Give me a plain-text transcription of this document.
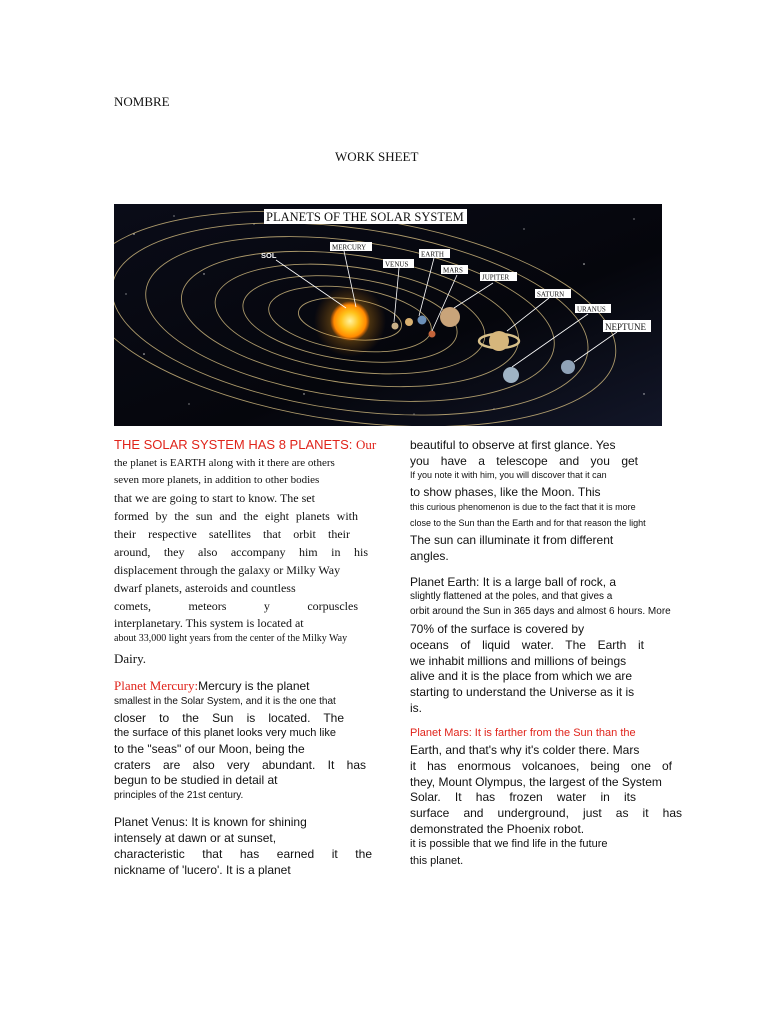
NOMBRE
WORK SHEET
PLANETS OF THE SOLAR SYSTEM
SOL
MERCURY
VENUS
EARTH
MARS
JUPITER
SATURN
URANUS
NEPTUNE
THE SOLAR SYSTEM HAS 8 PLANETS: Our
the planet is EARTH along with it there are others
seven more planets, in addition to other bodies
that we are going to start to know. The set
formed by the sun and the eight planets with
their respective satellites that orbit their
around, they also accompany him in his
displacement through the galaxy or Milky Way
dwarf planets, asteroids and countless
comets, meteors y corpuscles
interplanetary. This system is located at
about 33,000 light years from the center of the Milky Way
Dairy.
Planet Mercury:Mercury is the planet
smallest in the Solar System, and it is the one that
closer to the Sun is located. The
the surface of this planet looks very much like
to the "seas" of our Moon, being the
craters are also very abundant. It has
begun to be studied in detail at
principles of the 21st century.
Planet Venus: It is known for shining
intensely at dawn or at sunset,
characteristic that has earned it the
nickname of 'lucero'. It is a planet
beautiful to observe at first glance. Yes
you have a telescope and you get
If you note it with him, you will discover that it can
to show phases, like the Moon. This
this curious phenomenon is due to the fact that it is more
close to the Sun than the Earth and for that reason the light
The sun can illuminate it from different
angles.
Planet Earth: It is a large ball of rock, a
slightly flattened at the poles, and that gives a
orbit around the Sun in 365 days and almost 6 hours. More
70% of the surface is covered by
oceans of liquid water. The Earth it
we inhabit millions and millions of beings
alive and it is the place from which we are
starting to understand the Universe as it is
is.
Planet Mars: It is farther from the Sun than the
Earth, and that's why it's colder there. Mars
it has enormous volcanoes, being one of
they, Mount Olympus, the largest of the System
Solar. It has frozen water in its
surface and underground, just as it has
demonstrated the Phoenix robot.
it is possible that we find life in the future
this planet.
